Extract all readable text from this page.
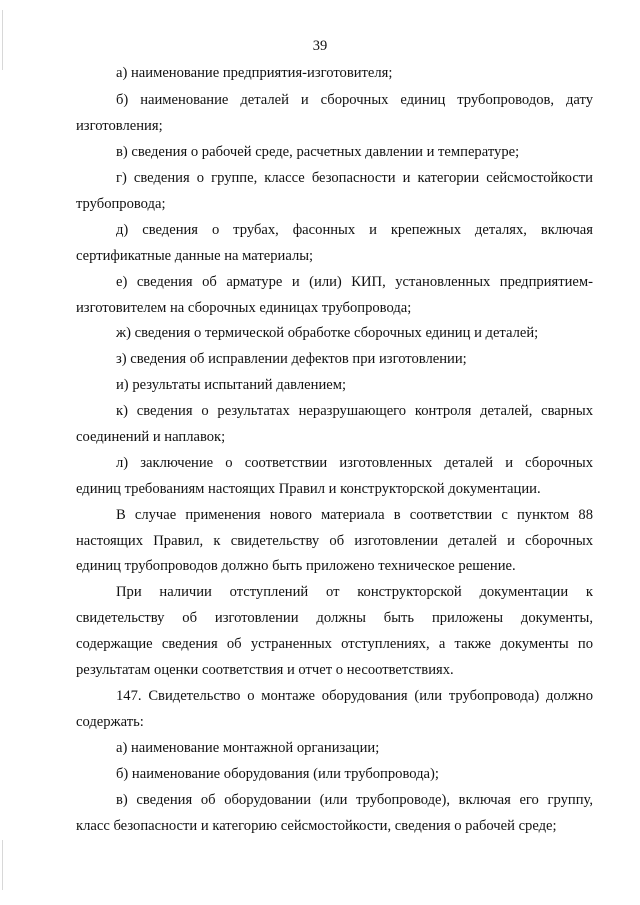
39

а) наименование предприятия-изготовителя;

б) наименование деталей и сборочных единиц трубопроводов, дату

изготовления;

в) сведения о рабочей среде, расчетных давлении и температуре;

г) сведения о группе, классе безопасности и категории сейсмостойкости

трубопровода;

д) сведения о трубах, фасонных и крепежных деталях, включая

сертификатные данные на материалы;

е) сведения об арматуре и (или) КИП, установленных предприятием-

изготовителем на сборочных единицах трубопровода;

ж) сведения о термической обработке сборочных единиц и деталей;

з) сведения об исправлении дефектов при изготовлении;

и) результаты испытаний давлением;

к) сведения о результатах неразрушающего контроля деталей, сварных

соединений и наплавок;

л) заключение о соответствии изготовленных деталей и сборочных

единиц требованиям настоящих Правил и конструкторской документации.

В случае применения нового материала в соответствии с пунктом 88

настоящих Правил, к свидетельству об изготовлении деталей и сборочных

единиц трубопроводов должно быть приложено техническое решение.

При наличии отступлений от конструкторской документации к

свидетельству об изготовлении должны быть приложены документы,

содержащие сведения об устраненных отступлениях, а также документы по

результатам оценки соответствия и отчет о несоответствиях.

147. Свидетельство о монтаже оборудования (или трубопровода) должно

содержать:

а) наименование монтажной организации;

б) наименование оборудования (или трубопровода);

в) сведения об оборудовании (или трубопроводе), включая его группу,

класс безопасности и категорию сейсмостойкости, сведения о рабочей среде;
